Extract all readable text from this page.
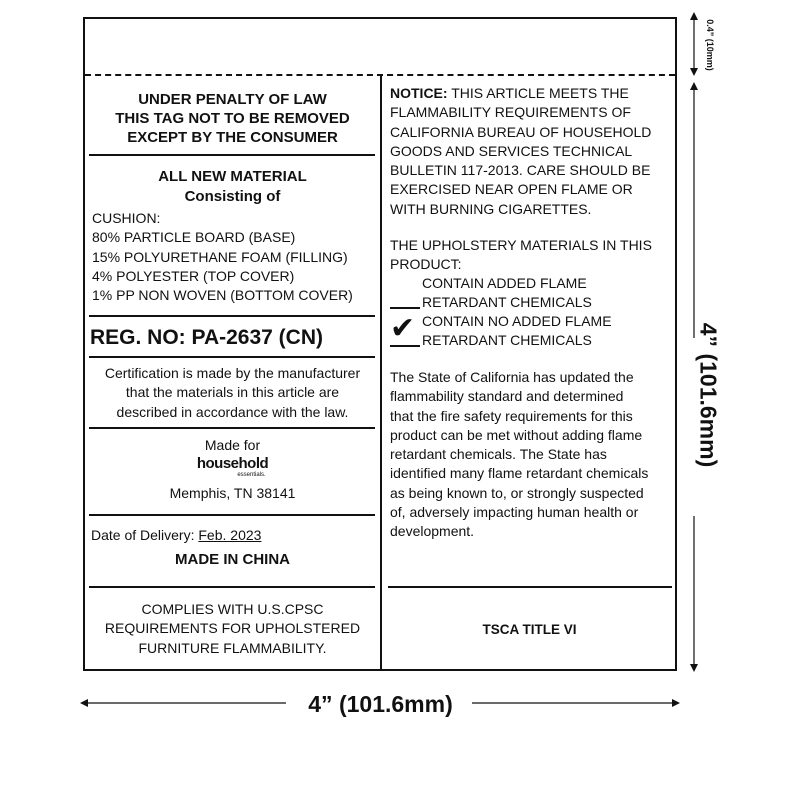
UNDER PENALTY OF LAW
THIS TAG NOT TO BE REMOVED
EXCEPT BY THE CONSUMER
ALL NEW MATERIAL
Consisting of
CUSHION:
80% PARTICLE BOARD (BASE)
15% POLYURETHANE FOAM (FILLING)
4% POLYESTER (TOP COVER)
1% PP NON WOVEN (BOTTOM COVER)
REG. NO: PA-2637 (CN)
Certification is made by the manufacturer
that the materials in this article are
described in accordance with the law.
Made for
household
essentials.
Memphis, TN 38141
Date of Delivery: Feb. 2023
MADE IN CHINA
COMPLIES WITH U.S.CPSC
REQUIREMENTS FOR UPHOLSTERED
FURNITURE FLAMMABILITY.
NOTICE: THIS ARTICLE MEETS THE
FLAMMABILITY REQUIREMENTS OF
CALIFORNIA BUREAU OF HOUSEHOLD
GOODS AND SERVICES TECHNICAL
BULLETIN 117-2013. CARE SHOULD BE
EXERCISED NEAR OPEN FLAME OR
WITH BURNING CIGARETTES.
THE UPHOLSTERY MATERIALS IN THIS
PRODUCT:
CONTAIN ADDED FLAME
RETARDANT CHEMICALS
CONTAIN NO ADDED FLAME
RETARDANT CHEMICALS
✔
The State of California has updated the
flammability standard and determined
that the fire safety requirements for this
product can be met without adding flame
retardant chemicals. The State has
identified many flame retardant chemicals
as being known to, or strongly suspected
of, adversely impacting human health or
development.
TSCA TITLE VI
0.4” (10mm)
4” (101.6mm)
4” (101.6mm)
